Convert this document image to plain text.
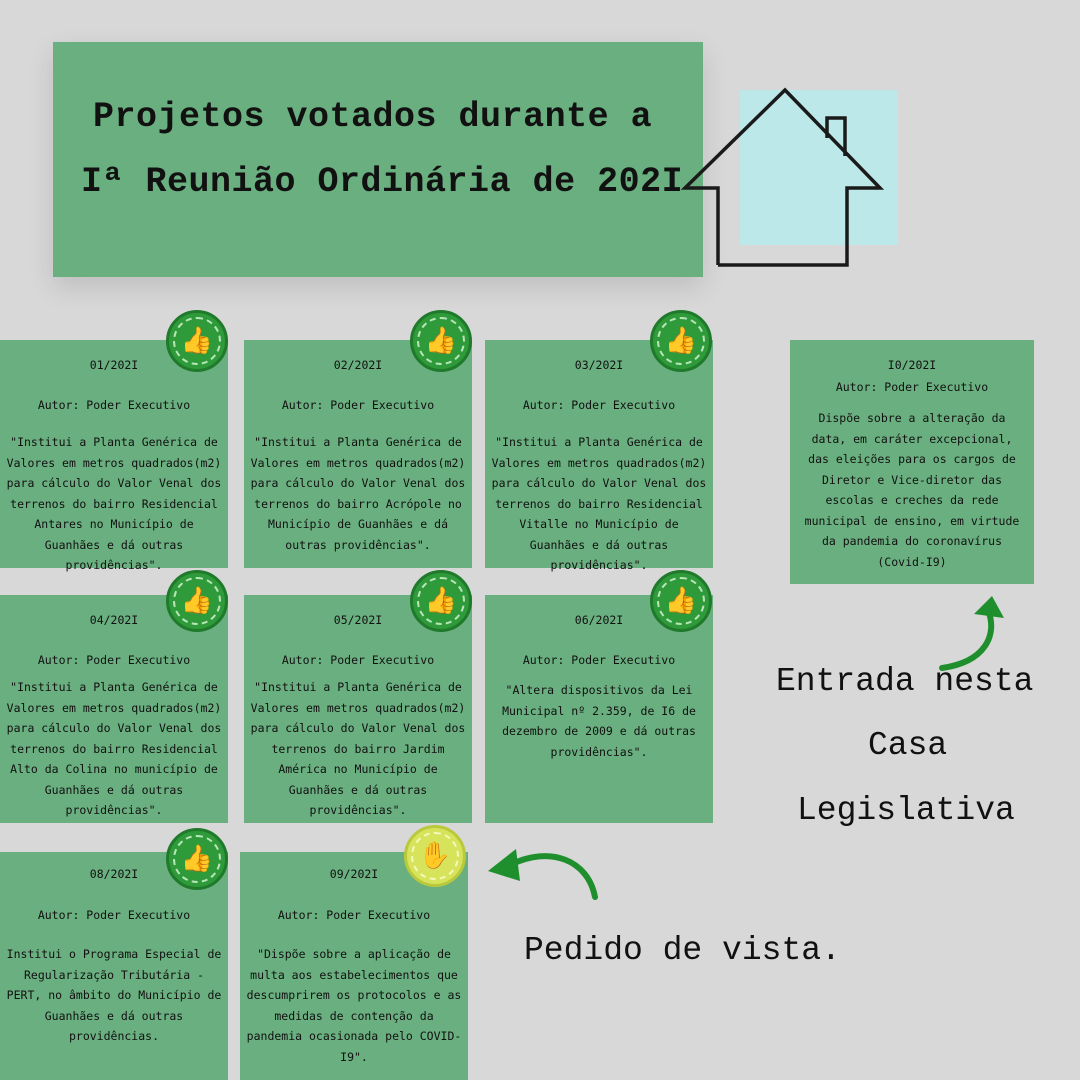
Projetos votados durante a
Iª Reunião Ordinária de 202I
01/202I
Autor: Poder Executivo
"Institui a Planta Genérica de Valores em metros quadrados(m2) para cálculo do Valor Venal dos terrenos do bairro Residencial Antares no Município de Guanhães e dá outras providências".
👍
02/202I
Autor: Poder Executivo
"Institui a Planta Genérica de Valores em metros quadrados(m2) para cálculo do Valor Venal dos terrenos do bairro Acrópole no Município de Guanhães e dá outras providências".
👍
03/202I
Autor: Poder Executivo
"Institui a Planta Genérica de Valores em metros quadrados(m2) para cálculo do Valor Venal dos terrenos do bairro Residencial Vitalle no Município de Guanhães e dá outras providências".
👍
04/202I
Autor: Poder Executivo
"Institui a Planta Genérica de Valores em metros quadrados(m2) para cálculo do Valor Venal dos terrenos do bairro Residencial Alto da Colina no município de Guanhães e dá outras providências".
👍
05/202I
Autor: Poder Executivo
"Institui a Planta Genérica de Valores em metros quadrados(m2) para cálculo do Valor Venal dos terrenos do bairro Jardim América no Município de Guanhães e dá outras providências".
👍
06/202I
Autor: Poder Executivo
"Altera dispositivos da Lei Municipal nº 2.359, de I6 de dezembro de 2009 e dá outras providências".
👍
08/202I
Autor: Poder Executivo
Institui o Programa Especial de Regularização Tributária - PERT, no âmbito do Município de Guanhães e dá outras providências.
👍	09/202I
Autor: Poder Executivo
"Dispõe sobre a aplicação de multa aos estabelecimentos que descumprirem os protocolos e as medidas de contenção da pandemia ocasionada pelo COVID-I9".
✋
I0/202I
Autor: Poder Executivo
Dispõe sobre a alteração da data, em caráter excepcional, das eleições para os cargos de Diretor e Vice-diretor das escolas e creches da rede municipal de ensino, em virtude da pandemia do coronavírus (Covid-I9)
Entrada nesta
Casa
Legislativa
Pedido de vista.
